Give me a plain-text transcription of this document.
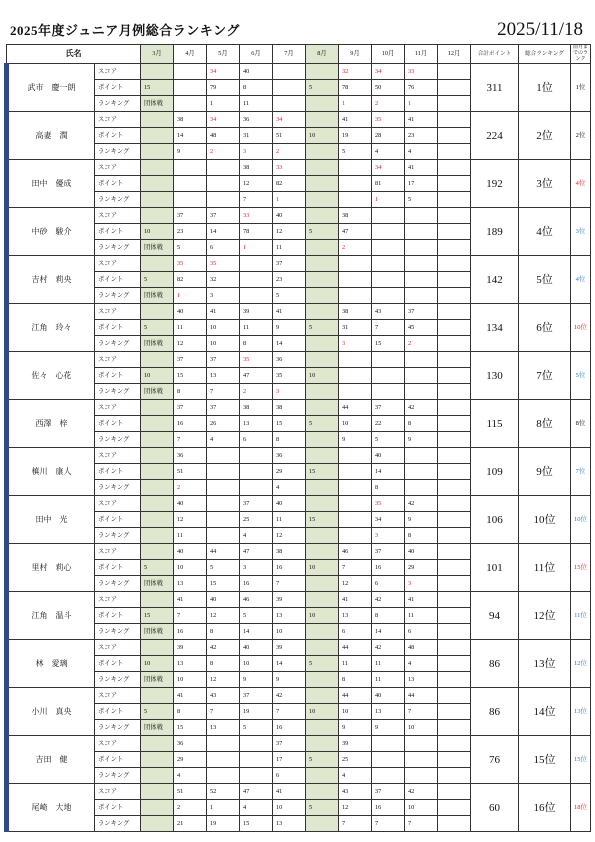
2025年度ジュニア月例総合ランキング	2025/11/18
氏名		3月	4月	5月	6月	7月	8月	9月	10月	11月	12月	合計ポイント	総合ランキング	前月までのランク
武市　慶一朗	スコア			34	40			32	34	33		311	1位	1位
	ポイント	15		79	8		5	78	50	76				
	ランキング	団体戦		1	11			1	2	1				
高妻　潤	スコア		38	34	36	34		41	35	41		224	2位	2位
	ポイント		14	48	31	51	10	19	28	23				
	ランキング		9	2	3	2		5	4	4				
田中　優成	スコア				38	33			34	41		192	3位	4位
	ポイント				12	82			81	17				
	ランキング				7	1			1	5				
中砂　駿介	スコア		37	37	33	40		38				189	4位	3位
	ポイント	10	23	14	78	12	5	47						
	ランキング	団体戦	5	6	1	11		2						
吉村　莉央	スコア		35	35		37						142	5位	4位
	ポイント	5	82	32		23								
	ランキング	団体戦	1	3		5								
江角　玲々	スコア		40	41	39	41		38	43	37		134	6位	10位
	ポイント	5	11	10	11	9	5	31	7	45				
	ランキング	団体戦	12	10	8	14		3	15	2				
佐々　心花	スコア		37	37	35	36						130	7位	5位
	ポイント	10	15	13	47	35	10							
	ランキング	団体戦	8	7	2	3								
西澤　梓	スコア		37	37	38	38		44	37	42		115	8位	8位
	ポイント		16	26	13	15	5	10	22	8				
	ランキング		7	4	6	8		9	5	9				
槙川　康人	スコア		36			36			40			109	9位	7位
	ポイント		51			29	15		14					
	ランキング		2			4			8					
田中　光	スコア		40		37	40			35	42		106	10位	10位
	ポイント		12		25	11	15		34	9				
	ランキング		11		4	12			3	8				
里村　莉心	スコア		40	44	47	38		46	37	40		101	11位	15位
	ポイント	5	10	5	3	16	10	7	16	29				
	ランキング	団体戦	13	15	16	7		12	6	3				
江角　温斗	スコア		41	40	46	39		41	42	41		94	12位	11位
	ポイント	15	7	12	5	13	10	13	8	11				
	ランキング	団体戦	16	8	14	10		6	14	6				
林　愛璃	スコア		39	42	40	39		44	42	48		86	13位	12位
	ポイント	10	13	8	10	14	5	11	11	4				
	ランキング	団体戦	10	12	9	9		8	11	13				
小川　真央	スコア		41	43	37	42		44	40	44		86	14位	13位
	ポイント	5	8	7	19	7	10	10	13	7				
	ランキング	団体戦	15	13	5	16		9	9	10				
吉田　健	スコア		36			37		39				76	15位	15位
	ポイント		29			17	5	25						
	ランキング		4			6		4						
尾崎　大地	スコア		51	52	47	41		43	37	42		60	16位	18位
	ポイント		2	1	4	10	5	12	16	10				
	ランキング		21	19	15	13		7	7	7				
